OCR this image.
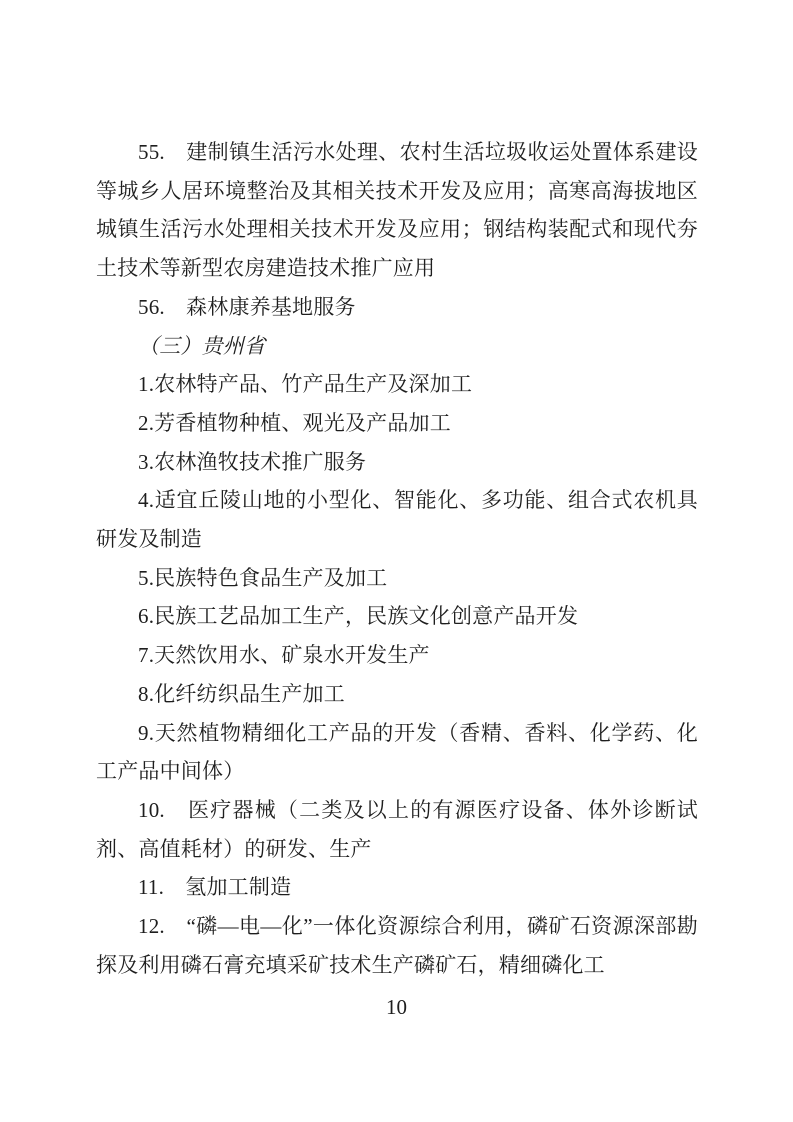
55.　建制镇生活污水处理、农村生活垃圾收运处置体系建设等城乡人居环境整治及其相关技术开发及应用；高寒高海拔地区城镇生活污水处理相关技术开发及应用；钢结构装配式和现代夯土技术等新型农房建造技术推广应用

56.　森林康养基地服务

（三）贵州省

1.农林特产品、竹产品生产及深加工

2.芳香植物种植、观光及产品加工

3.农林渔牧技术推广服务

4.适宜丘陵山地的小型化、智能化、多功能、组合式农机具研发及制造

5.民族特色食品生产及加工

6.民族工艺品加工生产，民族文化创意产品开发

7.天然饮用水、矿泉水开发生产

8.化纤纺织品生产加工

9.天然植物精细化工产品的开发（香精、香料、化学药、化工产品中间体）

10.　医疗器械（二类及以上的有源医疗设备、体外诊断试剂、高值耗材）的研发、生产

11.　氢加工制造

12.　“磷—电—化”一体化资源综合利用，磷矿石资源深部勘探及利用磷石膏充填采矿技术生产磷矿石，精细磷化工

10
